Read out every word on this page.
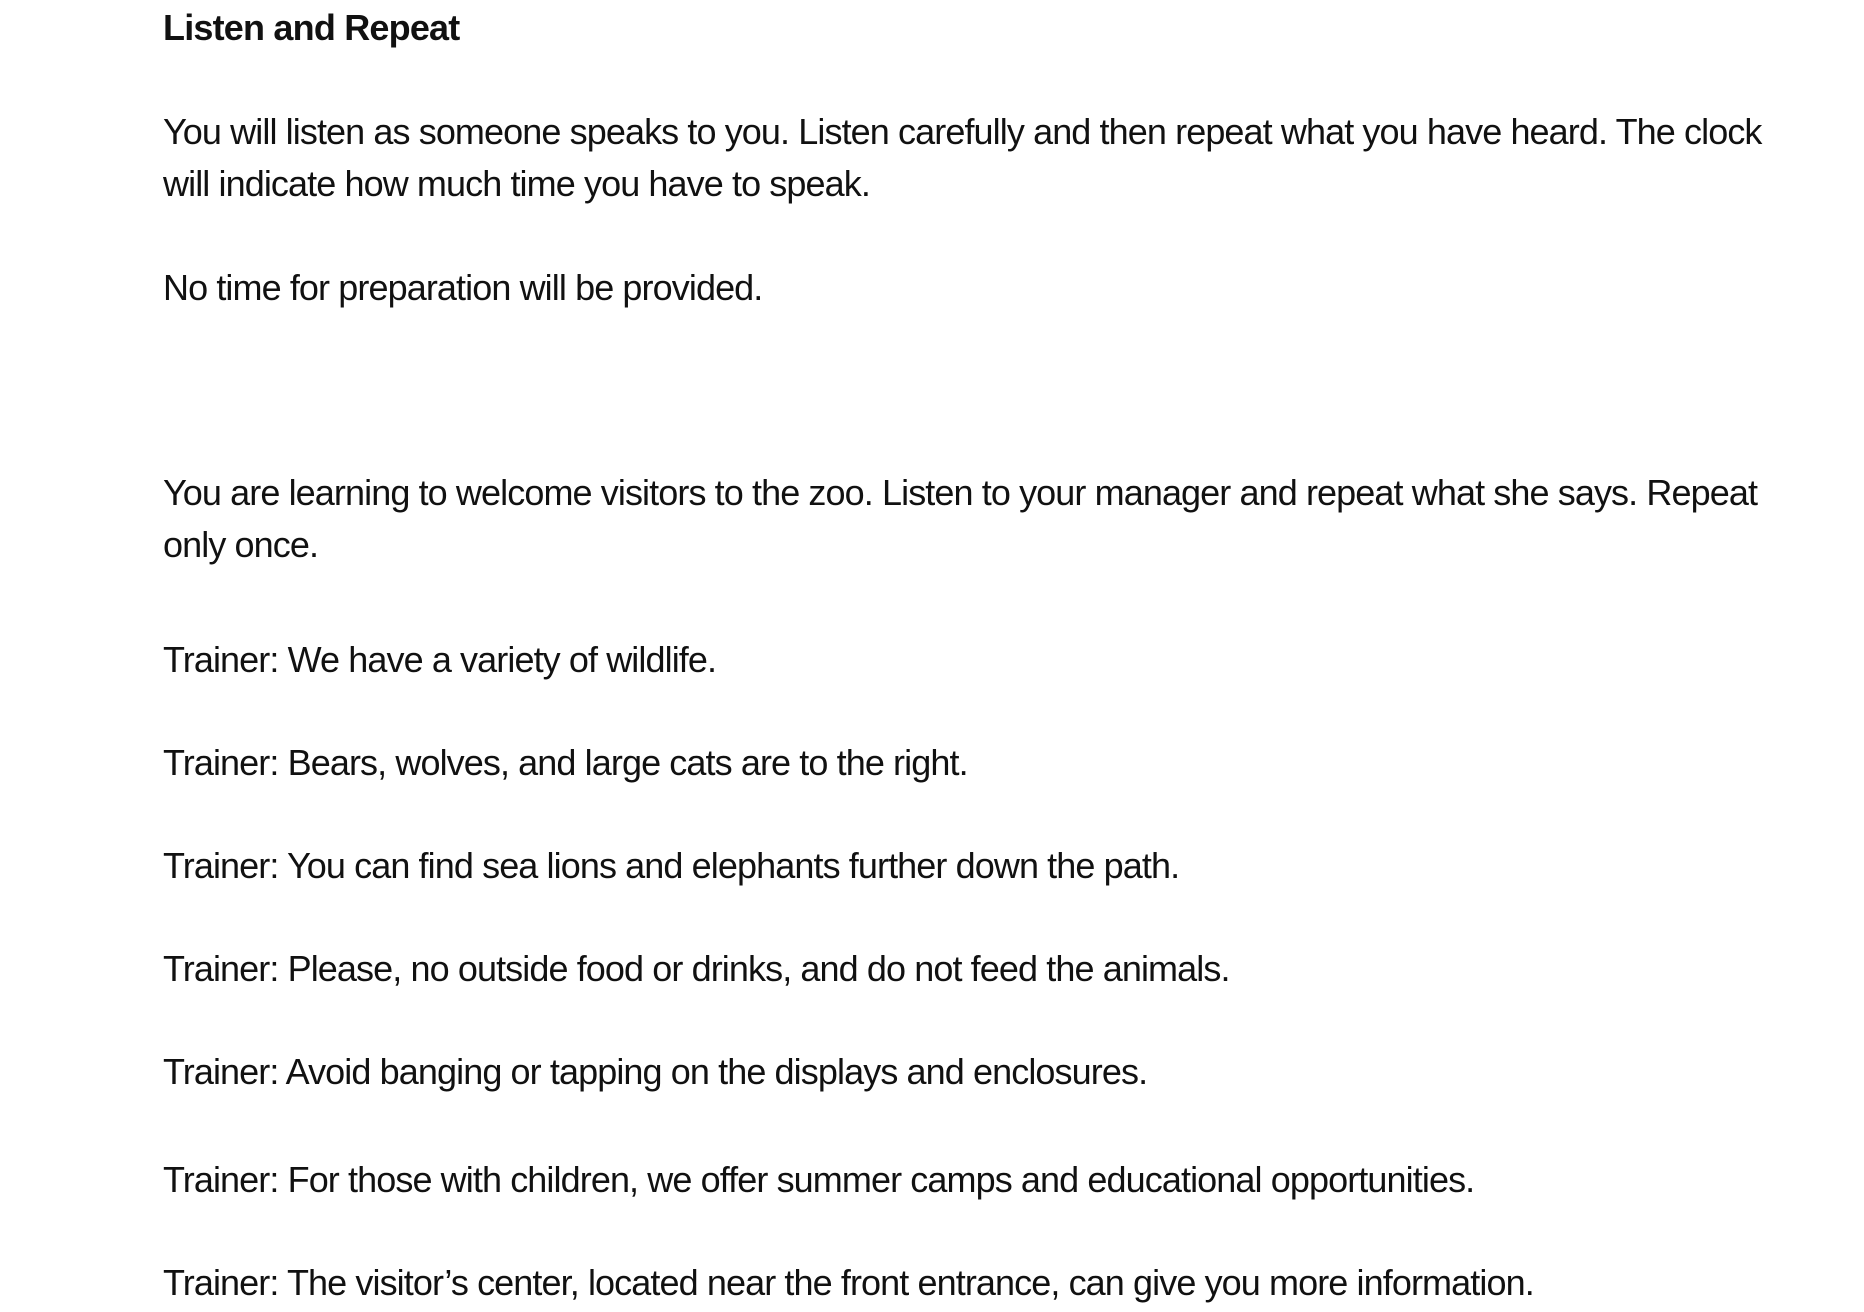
Listen and Repeat

You will listen as someone speaks to you. Listen carefully and then repeat what you have heard. The clock will indicate how much time you have to speak.

No time for preparation will be provided.

You are learning to welcome visitors to the zoo. Listen to your manager and repeat what she says. Repeat only once.

Trainer: We have a variety of wildlife.

Trainer: Bears, wolves, and large cats are to the right.

Trainer: You can find sea lions and elephants further down the path.

Trainer: Please, no outside food or drinks, and do not feed the animals.

Trainer: Avoid banging or tapping on the displays and enclosures.

Trainer: For those with children, we offer summer camps and educational opportunities.

Trainer: The visitor’s center, located near the front entrance, can give you more information.
